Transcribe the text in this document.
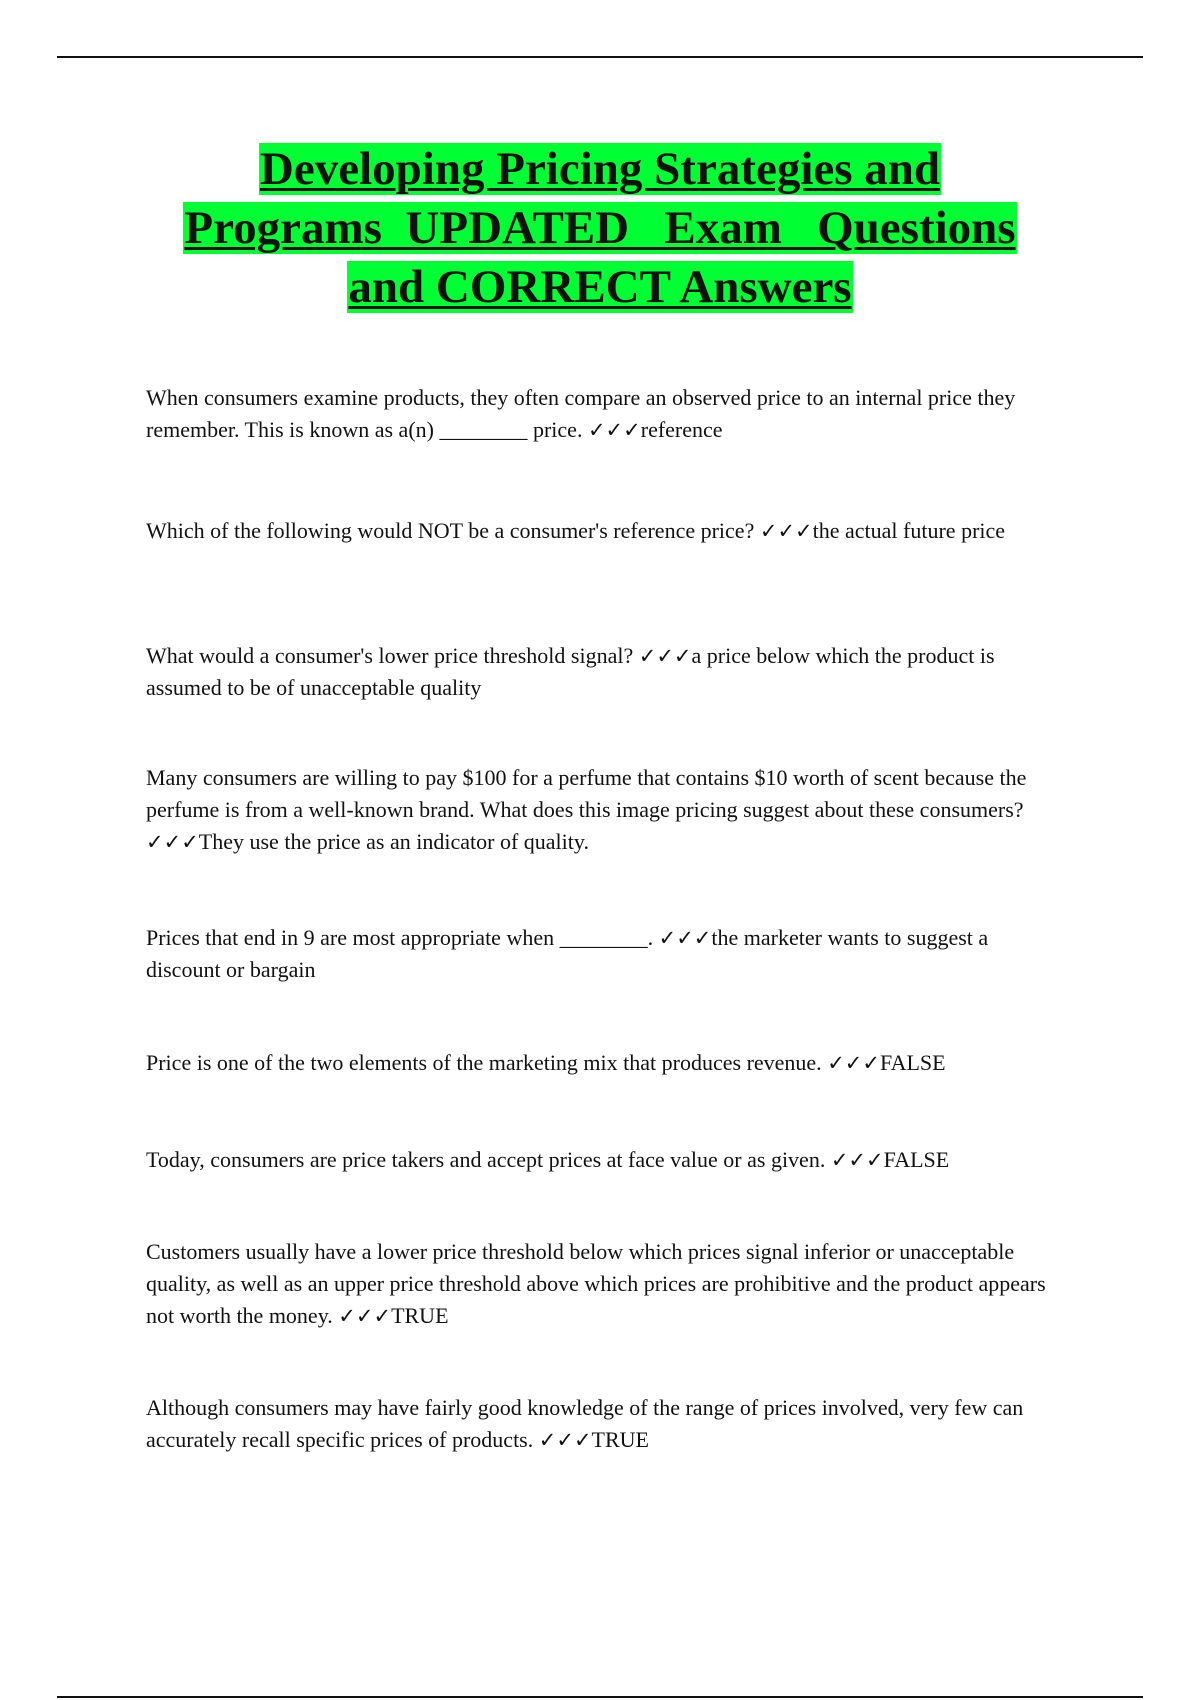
Developing Pricing Strategies and
Programs  UPDATED   Exam   Questions
and CORRECT Answers

When consumers examine products, they often compare an observed price to an internal price they remember. This is known as a(n) ________ price. ✓✓✓reference

Which of the following would NOT be a consumer's reference price? ✓✓✓the actual future price

What would a consumer's lower price threshold signal? ✓✓✓a price below which the product is assumed to be of unacceptable quality

Many consumers are willing to pay $100 for a perfume that contains $10 worth of scent because the perfume is from a well-known brand. What does this image pricing suggest about these consumers? ✓✓✓They use the price as an indicator of quality.

Prices that end in 9 are most appropriate when ________. ✓✓✓the marketer wants to suggest a discount or bargain

Price is one of the two elements of the marketing mix that produces revenue. ✓✓✓FALSE

Today, consumers are price takers and accept prices at face value or as given. ✓✓✓FALSE

Customers usually have a lower price threshold below which prices signal inferior or unacceptable quality, as well as an upper price threshold above which prices are prohibitive and the product appears not worth the money. ✓✓✓TRUE

Although consumers may have fairly good knowledge of the range of prices involved, very few can accurately recall specific prices of products. ✓✓✓TRUE
